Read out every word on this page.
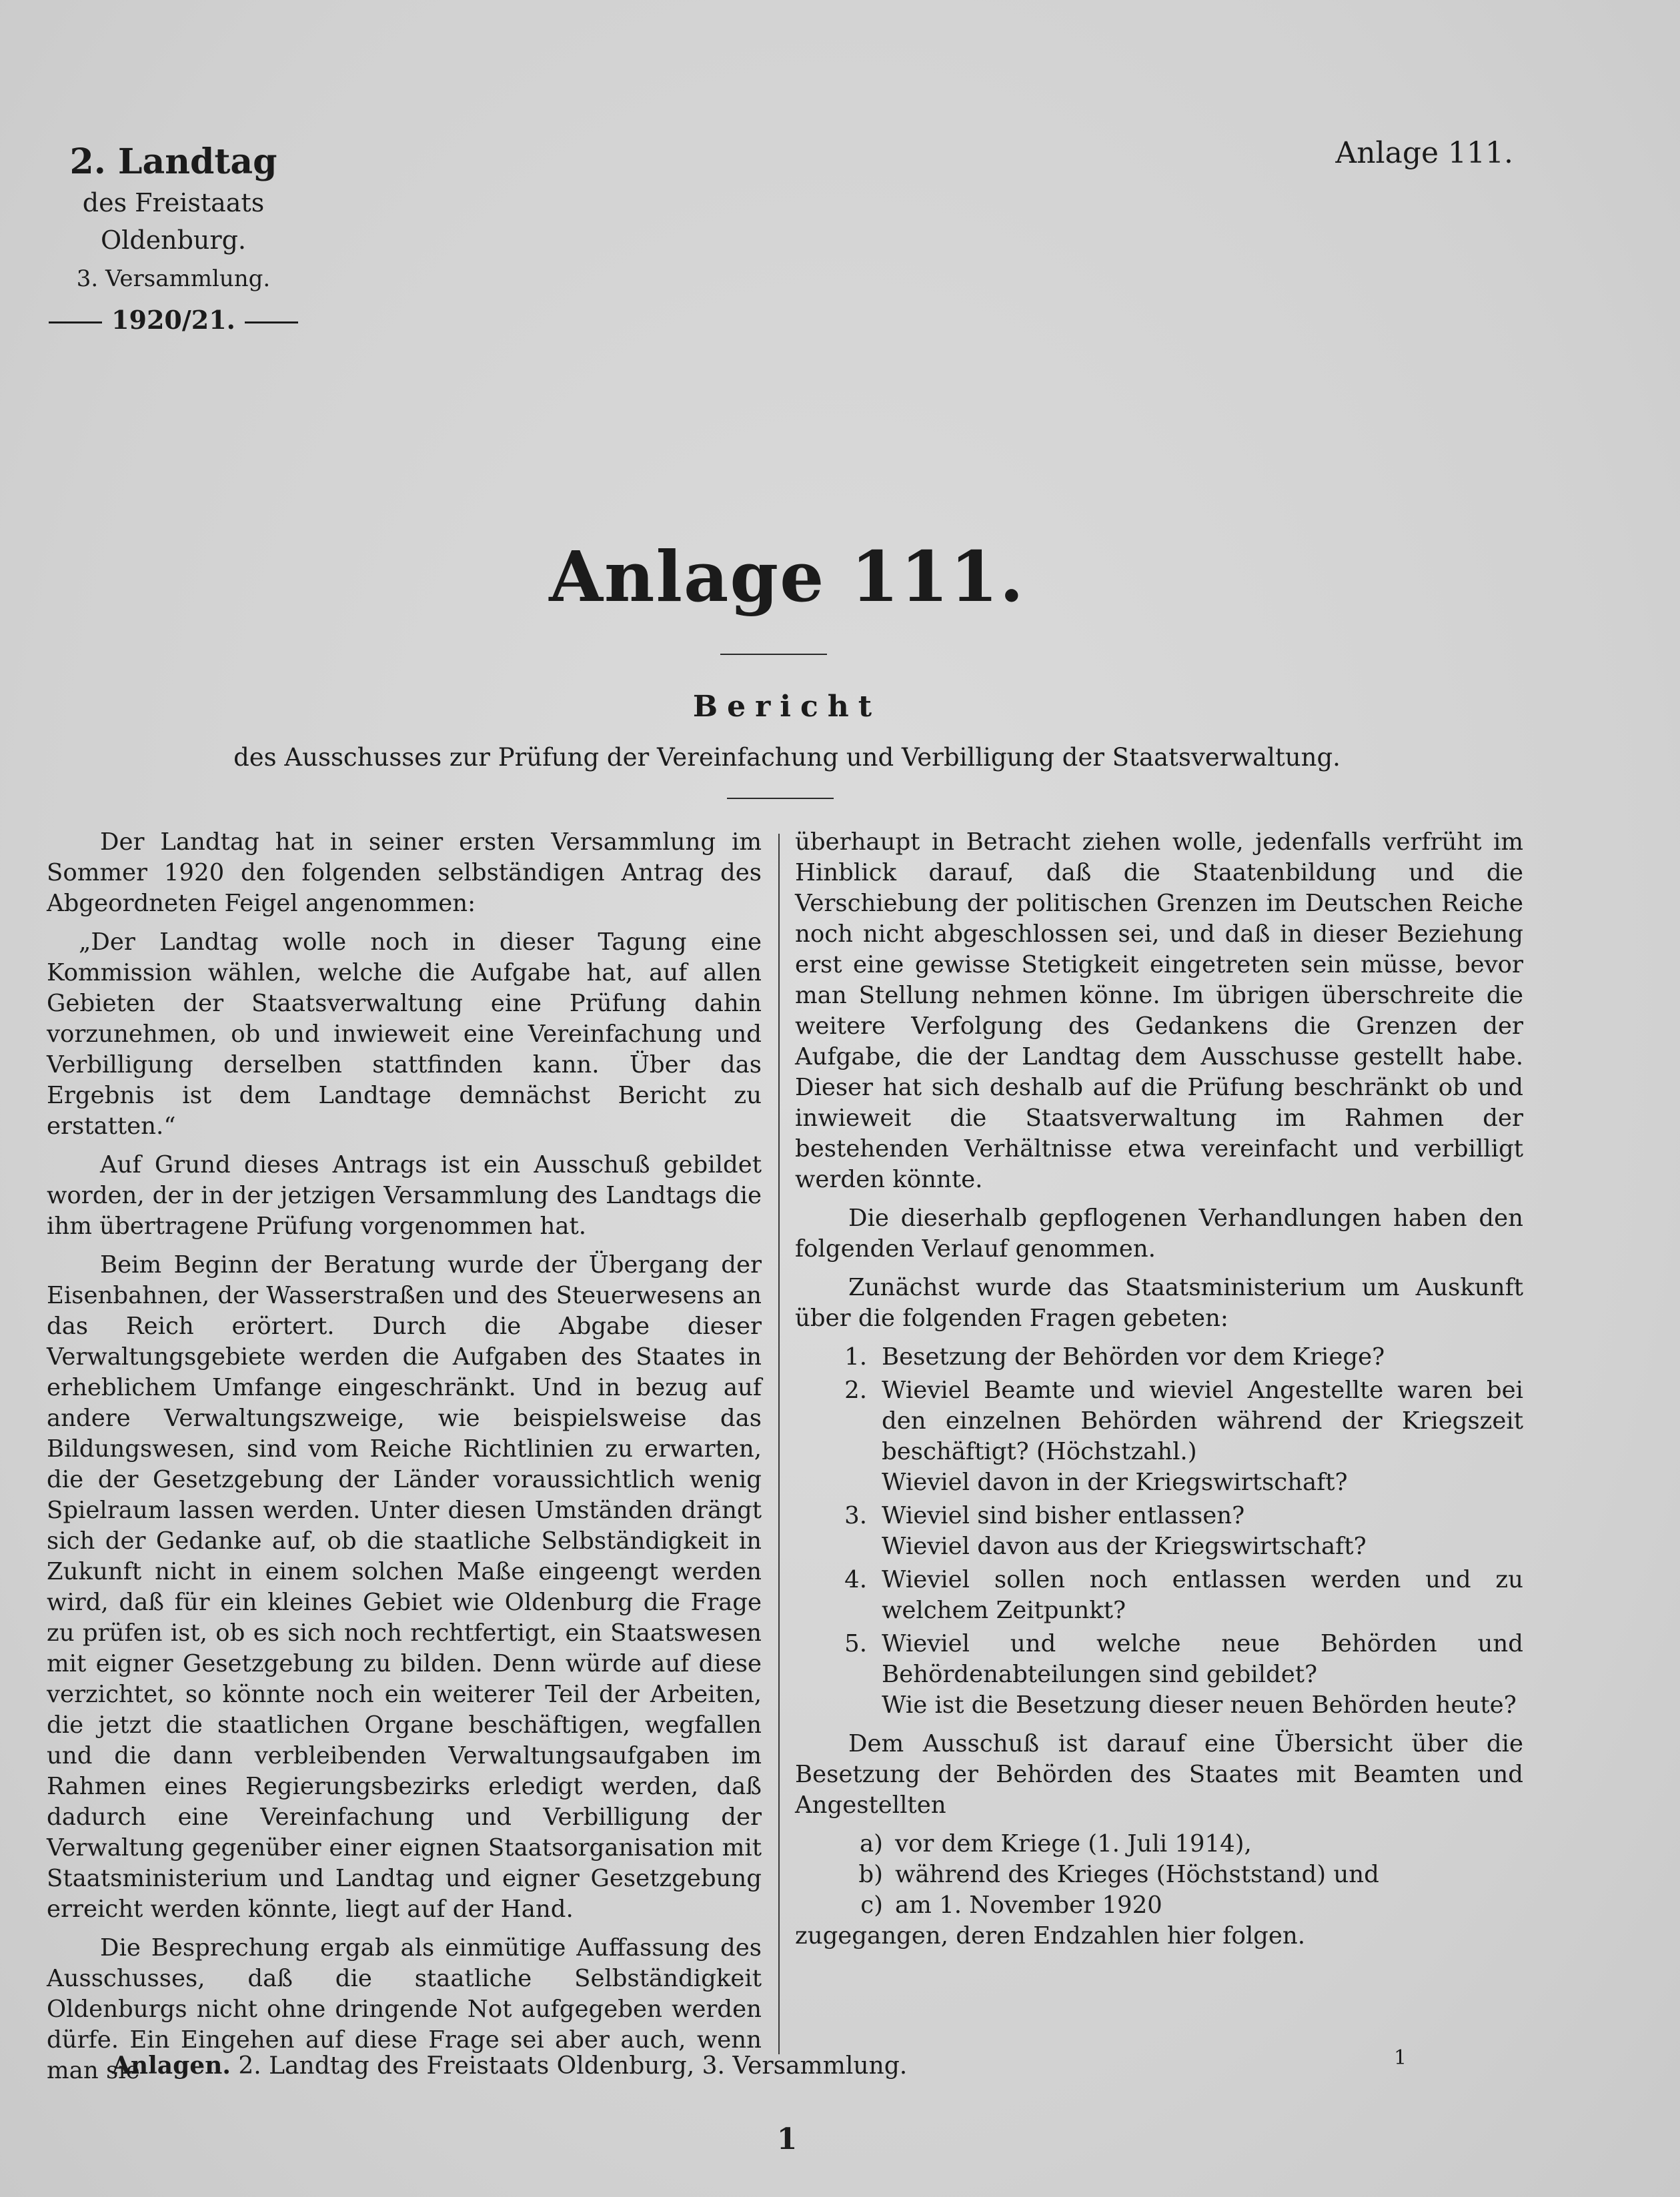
2. Landtag
des Freistaats Oldenburg.
3. Versammlung.
1920/21.
Anlage 111.
Anlage 111.
Bericht
des Ausschusses zur Prüfung der Vereinfachung und Verbilligung der Staatsverwaltung.

Der Landtag hat in seiner ersten Versammlung im Sommer 1920 den folgenden selbständigen Antrag des Abgeordneten Feigel angenommen:

„Der Landtag wolle noch in dieser Tagung eine Kommission wählen, welche die Aufgabe hat, auf allen Gebieten der Staatsverwaltung eine Prüfung dahin vorzunehmen, ob und inwieweit eine Vereinfachung und Verbilligung derselben stattfinden kann. Über das Ergebnis ist dem Landtage demnächst Bericht zu erstatten.“

Auf Grund dieses Antrags ist ein Ausschuß gebildet worden, der in der jetzigen Versammlung des Landtags die ihm übertragene Prüfung vorgenommen hat.

Beim Beginn der Beratung wurde der Übergang der Eisenbahnen, der Wasserstraßen und des Steuerwesens an das Reich erörtert. Durch die Abgabe dieser Verwaltungsgebiete werden die Aufgaben des Staates in erheblichem Umfange eingeschränkt. Und in bezug auf andere Verwaltungszweige, wie beispielsweise das Bildungswesen, sind vom Reiche Richtlinien zu erwarten, die der Gesetzgebung der Länder voraussichtlich wenig Spielraum lassen werden. Unter diesen Umständen drängt sich der Gedanke auf, ob die staatliche Selbständigkeit in Zukunft nicht in einem solchen Maße eingeengt werden wird, daß für ein kleines Gebiet wie Oldenburg die Frage zu prüfen ist, ob es sich noch rechtfertigt, ein Staatswesen mit eigner Gesetzgebung zu bilden. Denn würde auf diese verzichtet, so könnte noch ein weiterer Teil der Arbeiten, die jetzt die staatlichen Organe beschäftigen, wegfallen und die dann verbleibenden Verwaltungsaufgaben im Rahmen eines Regierungsbezirks erledigt werden, daß dadurch eine Vereinfachung und Verbilligung der Verwaltung gegenüber einer eignen Staatsorganisation mit Staatsministerium und Landtag und eigner Gesetzgebung erreicht werden könnte, liegt auf der Hand.

Die Besprechung ergab als einmütige Auffassung des Ausschusses, daß die staatliche Selbständigkeit Oldenburgs nicht ohne dringende Not aufgegeben werden dürfe. Ein Eingehen auf diese Frage sei aber auch, wenn man sie

überhaupt in Betracht ziehen wolle, jedenfalls verfrüht im Hinblick darauf, daß die Staatenbildung und die Verschiebung der politischen Grenzen im Deutschen Reiche noch nicht abgeschlossen sei, und daß in dieser Beziehung erst eine gewisse Stetigkeit eingetreten sein müsse, bevor man Stellung nehmen könne. Im übrigen überschreite die weitere Verfolgung des Gedankens die Grenzen der Aufgabe, die der Landtag dem Ausschusse gestellt habe. Dieser hat sich deshalb auf die Prüfung beschränkt ob und inwieweit die Staatsverwaltung im Rahmen der bestehenden Verhältnisse etwa vereinfacht und verbilligt werden könnte.

Die dieserhalb gepflogenen Verhandlungen haben den folgenden Verlauf genommen.

Zunächst wurde das Staatsministerium um Auskunft über die folgenden Fragen gebeten:

1. Besetzung der Behörden vor dem Kriege?
2. Wieviel Beamte und wieviel Angestellte waren bei den einzelnen Behörden während der Kriegszeit beschäftigt? (Höchstzahl.)
Wieviel davon in der Kriegswirtschaft?
3. Wieviel sind bisher entlassen?
Wieviel davon aus der Kriegswirtschaft?
4. Wieviel sollen noch entlassen werden und zu welchem Zeitpunkt?
5. Wieviel und welche neue Behörden und Behördenabteilungen sind gebildet?
Wie ist die Besetzung dieser neuen Behörden heute?

Dem Ausschuß ist darauf eine Übersicht über die Besetzung der Behörden des Staates mit Beamten und Angestellten

a) vor dem Kriege (1. Juli 1914),
b) während des Krieges (Höchststand) und
c) am 1. November 1920

zugegangen, deren Endzahlen hier folgen.

Anlagen. 2. Landtag des Freistaats Oldenburg, 3. Versammlung.	1
1
